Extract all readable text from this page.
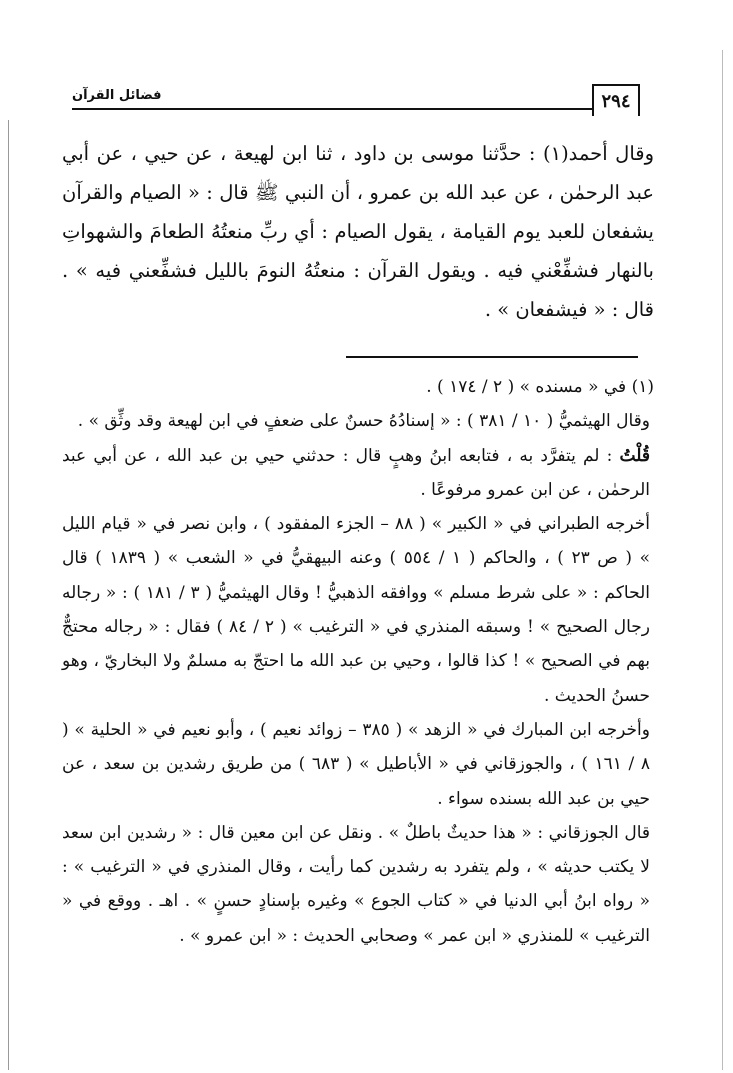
فضائل القرآن	٢٩٤

وقال أحمد(١) : حدَّثنا موسى بن داود ، ثنا ابن لهيعة ، عن حيي ، عن أبي عبد الرحمٰن ، عن عبد الله بن عمرو ، أن النبي ﷺ قال : « الصيام والقرآن يشفعان للعبد يوم القيامة ، يقول الصيام : أي ربِّ منعتُهُ الطعامَ والشهواتِ بالنهار فشفِّعْني فيه . ويقول القرآن : منعتُهُ النومَ بالليل فشفِّعني فيه » . قال : « فيشفعان » .

(١) في « مسنده » ( ٢ / ١٧٤ ) .

وقال الهيثميُّ ( ١٠ / ٣٨١ ) : « إسنادُهُ حسنٌ على ضعفٍ في ابن لهيعة وقد وثِّق » .

قُلْتُ : لم يتفرَّد به ، فتابعه ابنُ وهبٍ قال : حدثني حيي بن عبد الله ، عن أبي عبد الرحمٰن ، عن ابن عمرو مرفوعًا .

أخرجه الطبراني في « الكبير » ( ٨٨ – الجزء المفقود ) ، وابن نصر في « قيام الليل » ( ص ٢٣ ) ، والحاكم ( ١ / ٥٥٤ ) وعنه البيهقيُّ في « الشعب » ( ١٨٣٩ ) قال الحاكم : « على شرط مسلم » ووافقه الذهبيُّ ! وقال الهيثميُّ ( ٣ / ١٨١ ) : « رجاله رجال الصحيح » ! وسبقه المنذري في « الترغيب » ( ٢ / ٨٤ ) فقال : « رجاله محتجٌّ بهم في الصحيح » ! كذا قالوا ، وحيي بن عبد الله ما احتجّ به مسلمٌ ولا البخاريّ ، وهو حسنُ الحديث .

وأخرجه ابن المبارك في « الزهد » ( ٣٨٥ – زوائد نعيم ) ، وأبو نعيم في « الحلية » ( ٨ / ١٦١ ) ، والجوزقاني في « الأباطيل » ( ٦٨٣ ) من طريق رشدين بن سعد ، عن حيي بن عبد الله بسنده سواء .

قال الجوزقاني : « هذا حديثٌ باطلٌ » . ونقل عن ابن معين قال : « رشدين ابن سعد لا يكتب حديثه » ، ولم يتفرد به رشدين كما رأيت ، وقال المنذري في « الترغيب » : « رواه ابنُ أبي الدنيا في « كتاب الجوع » وغيره بإسنادٍ حسنٍ » . اهـ . ووقع في « الترغيب » للمنذري « ابن عمر » وصحابي الحديث : « ابن عمرو » .
